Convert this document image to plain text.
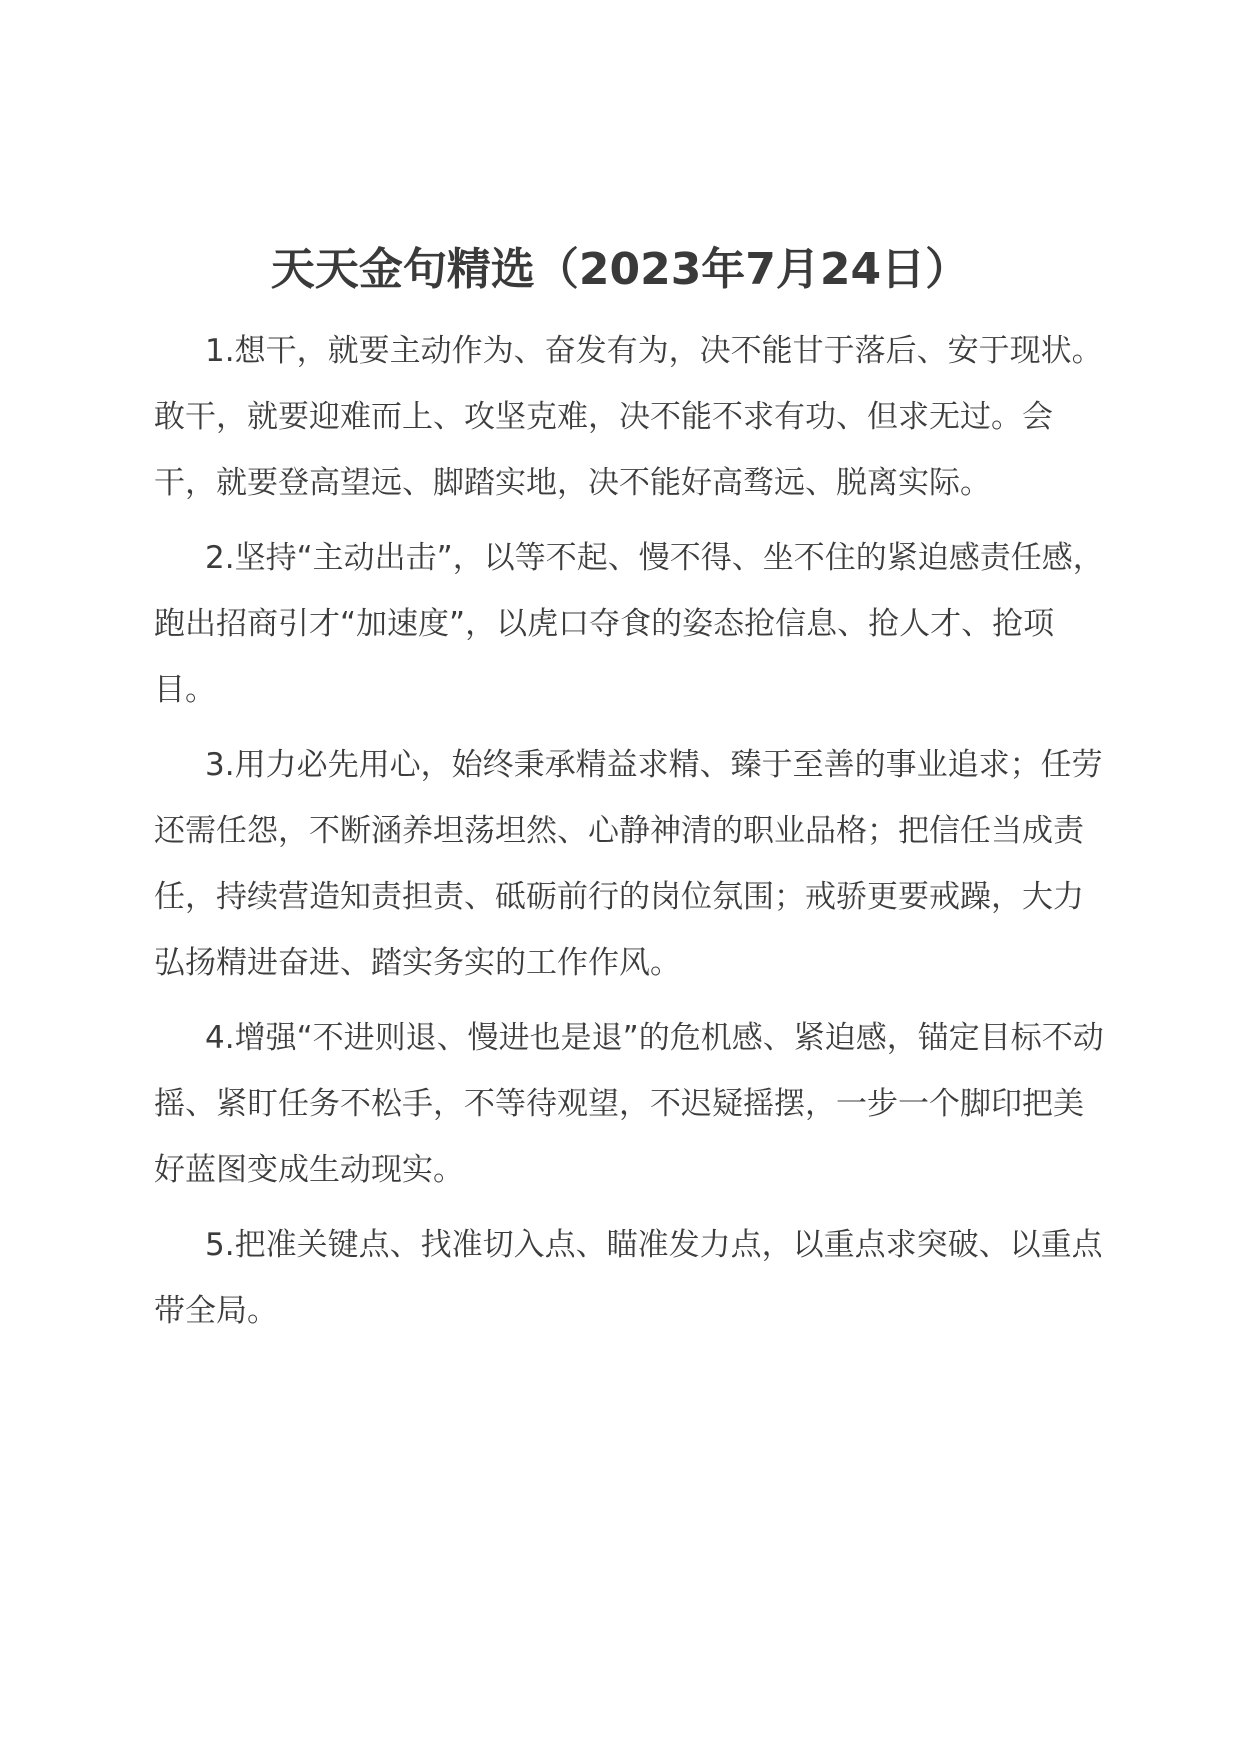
天天金句精选（2023年7月24日）

1.想干，就要主动作为、奋发有为，决不能甘于落后、安于现状。敢干，就要迎难而上、攻坚克难，决不能不求有功、但求无过。会干，就要登高望远、脚踏实地，决不能好高骛远、脱离实际。

2.坚持“主动出击”，以等不起、慢不得、坐不住的紧迫感责任感，跑出招商引才“加速度”，以虎口夺食的姿态抢信息、抢人才、抢项目。

3.用力必先用心，始终秉承精益求精、臻于至善的事业追求；任劳还需任怨，不断涵养坦荡坦然、心静神清的职业品格；把信任当成责任，持续营造知责担责、砥砺前行的岗位氛围；戒骄更要戒躁，大力弘扬精进奋进、踏实务实的工作作风。

4.增强“不进则退、慢进也是退”的危机感、紧迫感，锚定目标不动摇、紧盯任务不松手，不等待观望，不迟疑摇摆，一步一个脚印把美好蓝图变成生动现实。

5.把准关键点、找准切入点、瞄准发力点，以重点求突破、以重点带全局。
